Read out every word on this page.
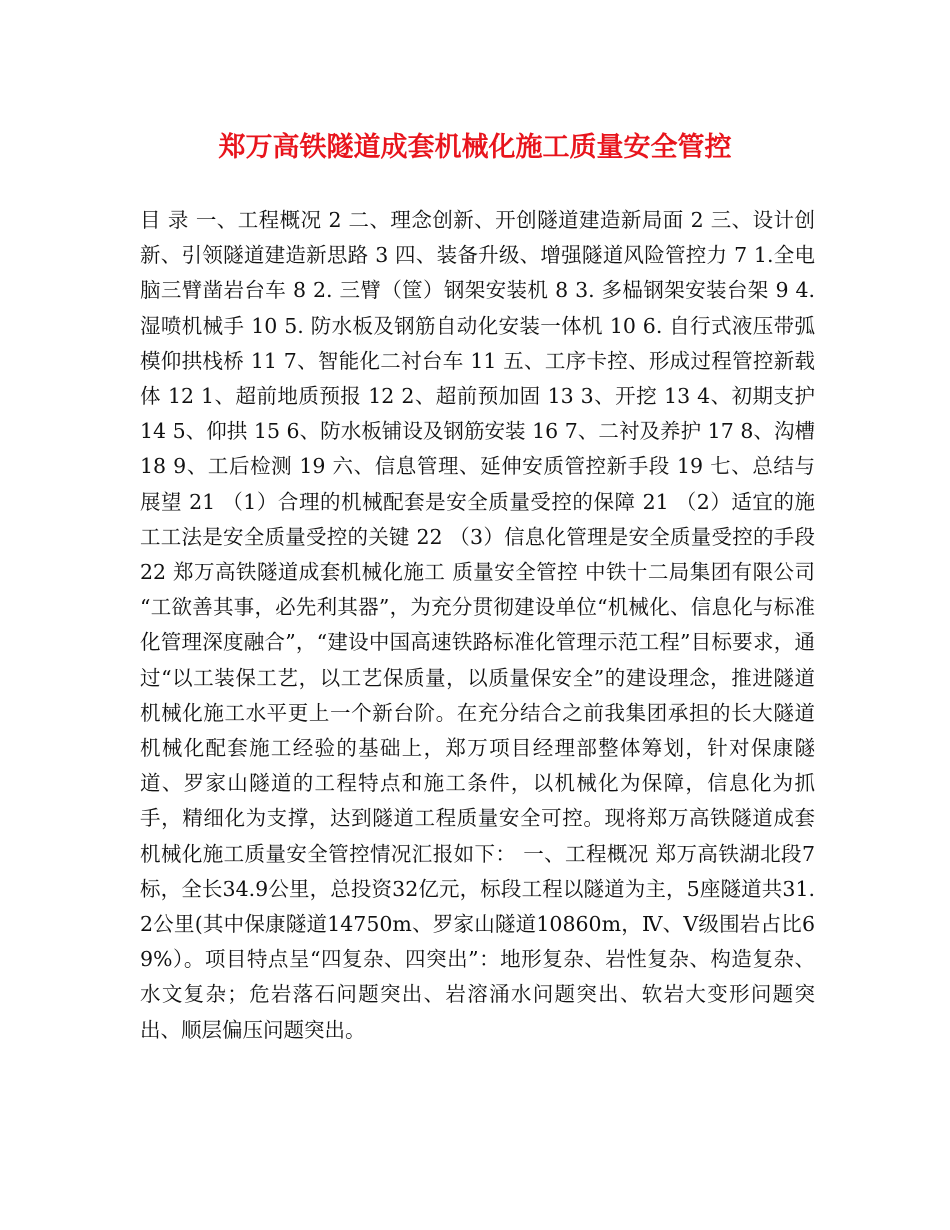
郑万高铁隧道成套机械化施工质量安全管控

目 录 一、工程概况 2 二、理念创新、开创隧道建造新局面 2 三、设计创新、引领隧道建造新思路 3 四、装备升级、增强隧道风险管控力 7 1.全电脑三臂凿岩台车 8 2. 三臂（筐）钢架安装机 8 3. 多榀钢架安装台架 9 4.湿喷机械手 10 5. 防水板及钢筋自动化安装一体机 10 6. 自行式液压带弧模仰拱栈桥 11 7、智能化二衬台车 11 五、工序卡控、形成过程管控新载体 12 1、超前地质预报 12 2、超前预加固 13 3、开挖 13 4、初期支护 14 5、仰拱 15 6、防水板铺设及钢筋安装 16 7、二衬及养护 17 8、沟槽 18 9、工后检测 19 六、信息管理、延伸安质管控新手段 19 七、总结与展望 21 （1）合理的机械配套是安全质量受控的保障 21 （2）适宜的施工工法是安全质量受控的关键 22 （3）信息化管理是安全质量受控的手段 22 郑万高铁隧道成套机械化施工 质量安全管控 中铁十二局集团有限公司 “工欲善其事，必先利其器”，为充分贯彻建设单位“机械化、信息化与标准化管理深度融合”，“建设中国高速铁路标准化管理示范工程”目标要求，通过“以工装保工艺，以工艺保质量，以质量保安全”的建设理念，推进隧道机械化施工水平更上一个新台阶。在充分结合之前我集团承担的长大隧道机械化配套施工经验的基础上，郑万项目经理部整体筹划，针对保康隧道、罗家山隧道的工程特点和施工条件，以机械化为保障，信息化为抓手，精细化为支撑，达到隧道工程质量安全可控。现将郑万高铁隧道成套机械化施工质量安全管控情况汇报如下： 一、工程概况 郑万高铁湖北段7标，全长34.9公里，总投资32亿元，标段工程以隧道为主，5座隧道共31.2公里(其中保康隧道14750m、罗家山隧道10860m，Ⅳ、Ⅴ级围岩占比69%）。项目特点呈“四复杂、四突出”：地形复杂、岩性复杂、构造复杂、水文复杂；危岩落石问题突出、岩溶涌水问题突出、软岩大变形问题突出、顺层偏压问题突出。
